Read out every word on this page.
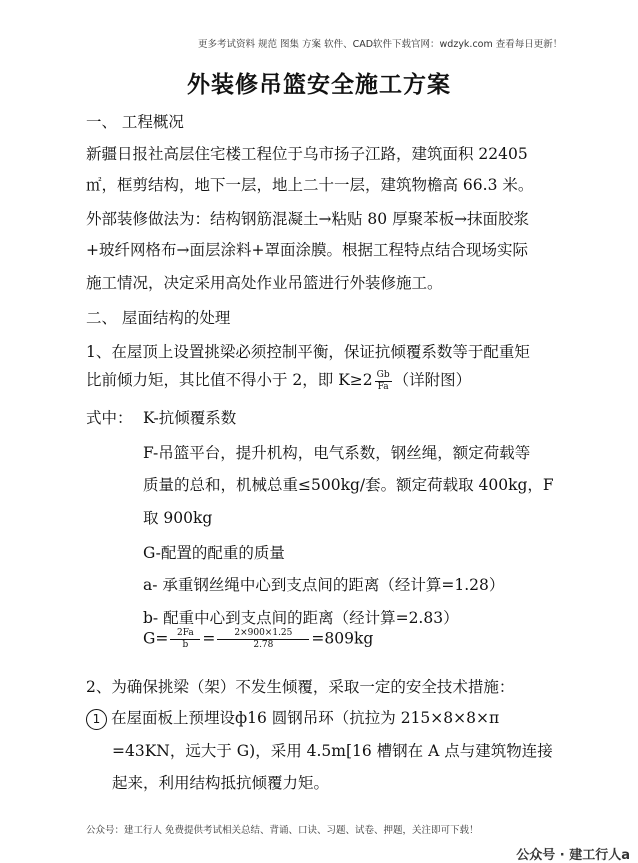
更多考试资料 规范 图集 方案 软件、CAD软件下载官网：wdzyk.com 查看每日更新！
外装修吊篮安全施工方案
一、 工程概况
新疆日报社高层住宅楼工程位于乌市扬子江路，建筑面积 22405
㎡，框剪结构，地下一层，地上二十一层，建筑物檐高 66.3 米。
外部装修做法为：结构钢筋混凝土→粘贴 80 厚聚苯板→抹面胶浆
+玻纤网格布→面层涂料+罩面涂膜。根据工程特点结合现场实际
施工情况，决定采用高处作业吊篮进行外装修施工。
二、 屋面结构的处理
1、在屋顶上设置挑梁必须控制平衡，保证抗倾覆系数等于配重矩
比前倾力矩，其比值不得小于 2，即 $K\ge 2 \frac{Gb}{Fa}$ （详附图）
式中： K-抗倾覆系数
F-吊篮平台，提升机构，电气系数，钢丝绳，额定荷载等
质量的总和，机械总重≤500kg/套。额定荷载取 400kg，F
取 900kg
G-配置的配重的质量
a- 承重钢丝绳中心到支点间的距离（经计算=1.28）
b- 配重中心到支点间的距离（经计算=2.83）
$G= \frac{2Fa}{b} = \frac{2\times 900\times 1.25}{2.78} =809kg$
2、为确保挑梁（架）不发生倾覆，采取一定的安全技术措施：
1 在屋面板上预埋设ф16 圆钢吊环（抗拉为 215×8×8×π
=43KN，远大于 G)，采用 4.5m[16 槽钢在 A 点与建筑物连接
起来，利用结构抵抗倾覆力矩。
公众号：建工行人 免费提供考试相关总结、背诵、口诀、习题、试卷、押题，关注即可下载！
公众号 · 建工行人a
